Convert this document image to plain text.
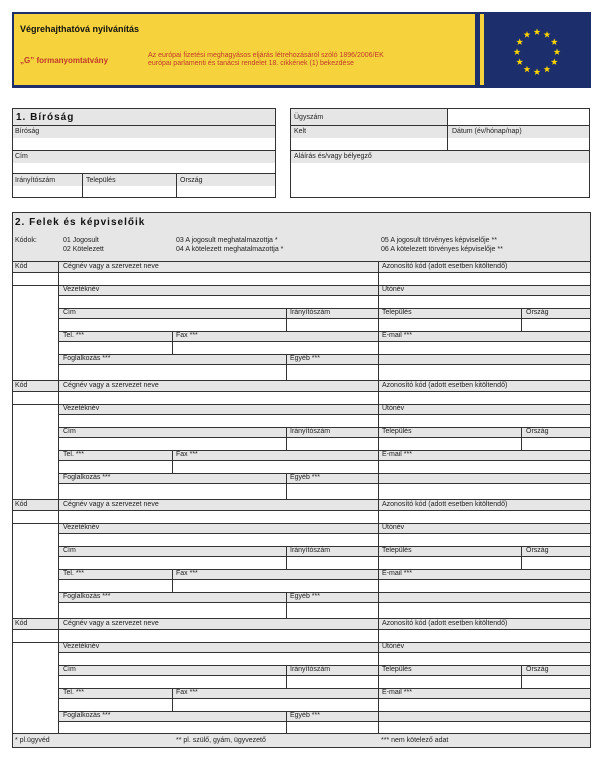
Végrehajthatóvá nyilvánítás
„G” formanyomtatvány
Az európai fizetési meghagyásos eljárás létrehozásáról szóló 1896/2006/EK
európai parlamenti és tanácsi rendelet 18. cikkének (1) bekezdése
1. Bíróság
Bíróság
Cím
Irányítószám	Település	Ország
Ügyszám
Kelt	Dátum (év/hónap/nap)
Aláírás és/vagy bélyegző
2. Felek és képviselőik
Kódok:	01 Jogosult
02 Kötelezett
03 A jogosult meghatalmazottja *
04 A kötelezett meghatalmazottja *
05 A jogosult törvényes képviselője **
06 A kötelezett törvényes képviselője **
Kód	Cégnév vagy a szervezet neve	Azonosító kód (adott esetben kitöltendő)
Vezetéknév	Utónév
Cím	Irányítószám	Település	Ország
Tel. ***	Fax ***	E-mail ***
Foglalkozás ***	Egyéb ***
Kód	Cégnév vagy a szervezet neve	Azonosító kód (adott esetben kitöltendő)
Vezetéknév	Utónév
Cím	Irányítószám	Település	Ország
Tel. ***	Fax ***	E-mail ***
Foglalkozás ***	Egyéb ***
Kód	Cégnév vagy a szervezet neve	Azonosító kód (adott esetben kitöltendő)
Vezetéknév	Utónév
Cím	Irányítószám	Település	Ország
Tel. ***	Fax ***	E-mail ***
Foglalkozás ***	Egyéb ***
Kód	Cégnév vagy a szervezet neve	Azonosító kód (adott esetben kitöltendő)
Vezetéknév	Utónév
Cím	Irányítószám	Település	Ország
Tel. ***	Fax ***	E-mail ***
Foglalkozás ***	Egyéb ***
* pl.ügyvéd	** pl. szülő, gyám, ügyvezető	*** nem kötelező adat
